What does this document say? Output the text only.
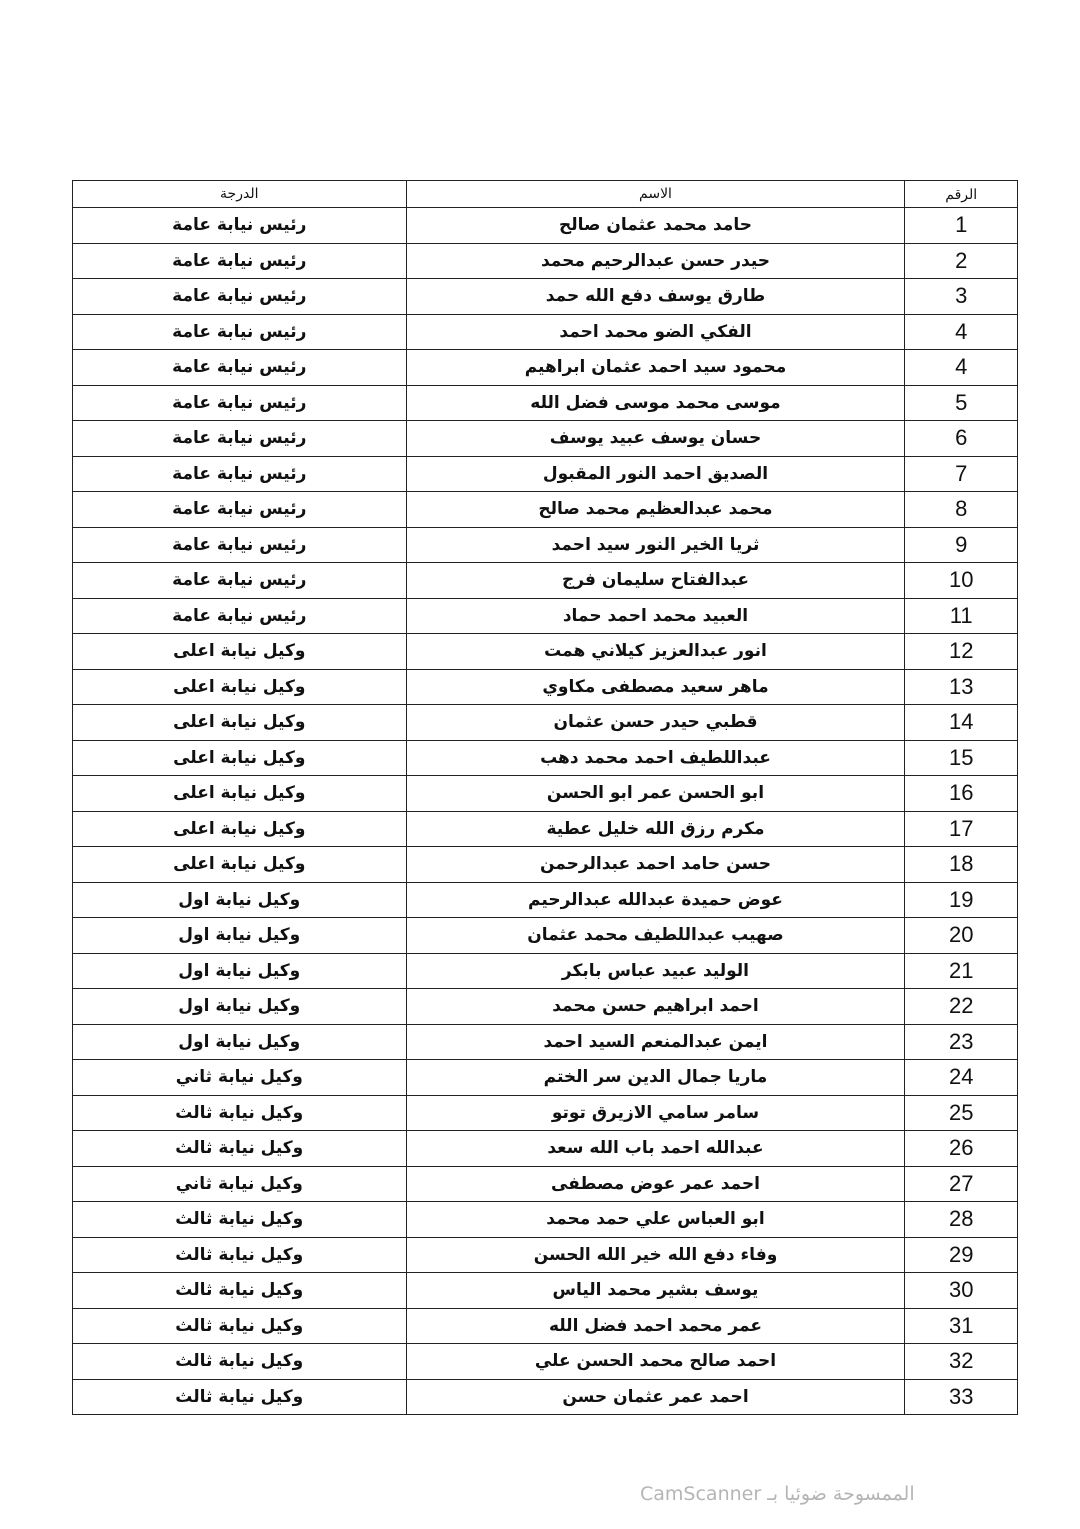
الرقم	الاسم	الدرجة
1	حامد محمد عثمان صالح	رئيس نيابة عامة
2	حيدر حسن عبدالرحيم محمد	رئيس نيابة عامة
3	طارق يوسف دفع الله حمد	رئيس نيابة عامة
4	الفكي الضو محمد احمد	رئيس نيابة عامة
4	محمود سيد احمد عثمان ابراهيم	رئيس نيابة عامة
5	موسى محمد موسى فضل الله	رئيس نيابة عامة
6	حسان يوسف عبيد يوسف	رئيس نيابة عامة
7	الصديق احمد النور المقبول	رئيس نيابة عامة
8	محمد عبدالعظيم محمد صالح	رئيس نيابة عامة
9	ثريا الخير النور سيد احمد	رئيس نيابة عامة
10	عبدالفتاح سليمان فرج	رئيس نيابة عامة
11	العبيد محمد احمد حماد	رئيس نيابة عامة
12	انور عبدالعزيز كيلاني همت	وكيل نيابة اعلى
13	ماهر سعيد مصطفى مكاوي	وكيل نيابة اعلى
14	قطبي حيدر حسن عثمان	وكيل نيابة اعلى
15	عبداللطيف احمد محمد دهب	وكيل نيابة اعلى
16	ابو الحسن عمر ابو الحسن	وكيل نيابة اعلى
17	مكرم رزق الله خليل عطية	وكيل نيابة اعلى
18	حسن حامد احمد عبدالرحمن	وكيل نيابة اعلى
19	عوض حميدة عبدالله عبدالرحيم	وكيل نيابة اول
20	صهيب عبداللطيف محمد عثمان	وكيل نيابة اول
21	الوليد عبيد عباس بابكر	وكيل نيابة اول
22	احمد ابراهيم حسن محمد	وكيل نيابة اول
23	ايمن عبدالمنعم السيد احمد	وكيل نيابة اول
24	ماريا جمال الدين سر الختم	وكيل نيابة ثاني
25	سامر سامي الازيرق توتو	وكيل نيابة ثالث
26	عبدالله احمد باب الله سعد	وكيل نيابة ثالث
27	احمد عمر عوض مصطفى	وكيل نيابة ثاني
28	ابو العباس علي حمد محمد	وكيل نيابة ثالث
29	وفاء دفع الله خير الله الحسن	وكيل نيابة ثالث
30	يوسف بشير محمد الياس	وكيل نيابة ثالث
31	عمر محمد احمد فضل الله	وكيل نيابة ثالث
32	احمد صالح محمد الحسن علي	وكيل نيابة ثالث
33	احمد عمر عثمان حسن	وكيل نيابة ثالث
الممسوحة ضوئيا بـ CamScanner
